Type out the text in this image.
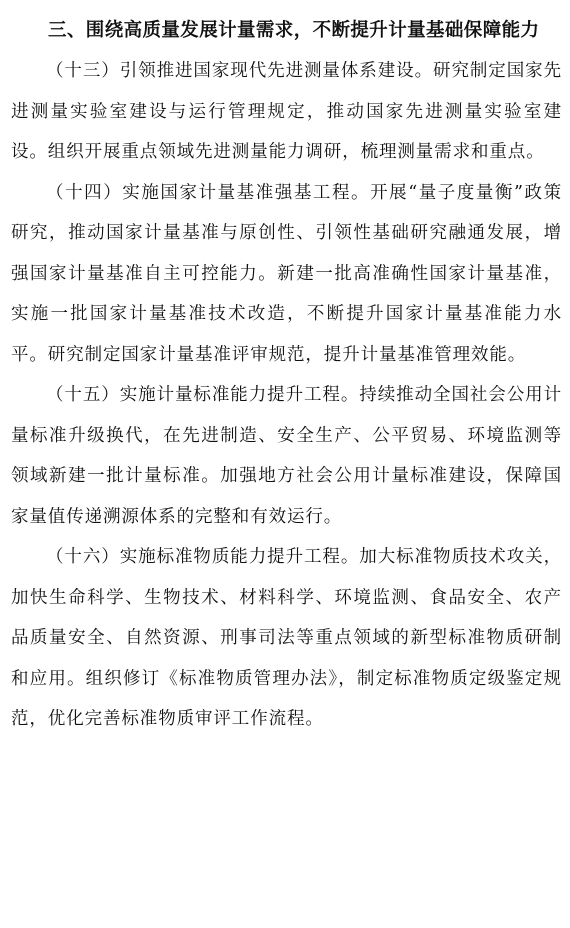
三、围绕高质量发展计量需求，不断提升计量基础保障能力

（十三）引领推进国家现代先进测量体系建设。研究制定国家先进测量实验室建设与运行管理规定，推动国家先进测量实验室建设。组织开展重点领域先进测量能力调研，梳理测量需求和重点。

（十四）实施国家计量基准强基工程。开展“量子度量衡”政策研究，推动国家计量基准与原创性、引领性基础研究融通发展，增强国家计量基准自主可控能力。新建一批高准确性国家计量基准，实施一批国家计量基准技术改造，不断提升国家计量基准能力水平。研究制定国家计量基准评审规范，提升计量基准管理效能。

（十五）实施计量标准能力提升工程。持续推动全国社会公用计量标准升级换代，在先进制造、安全生产、公平贸易、环境监测等领域新建一批计量标准。加强地方社会公用计量标准建设，保障国家量值传递溯源体系的完整和有效运行。

（十六）实施标准物质能力提升工程。加大标准物质技术攻关，加快生命科学、生物技术、材料科学、环境监测、食品安全、农产品质量安全、自然资源、刑事司法等重点领域的新型标准物质研制和应用。组织修订《标准物质管理办法》，制定标准物质定级鉴定规范，优化完善标准物质审评工作流程。
